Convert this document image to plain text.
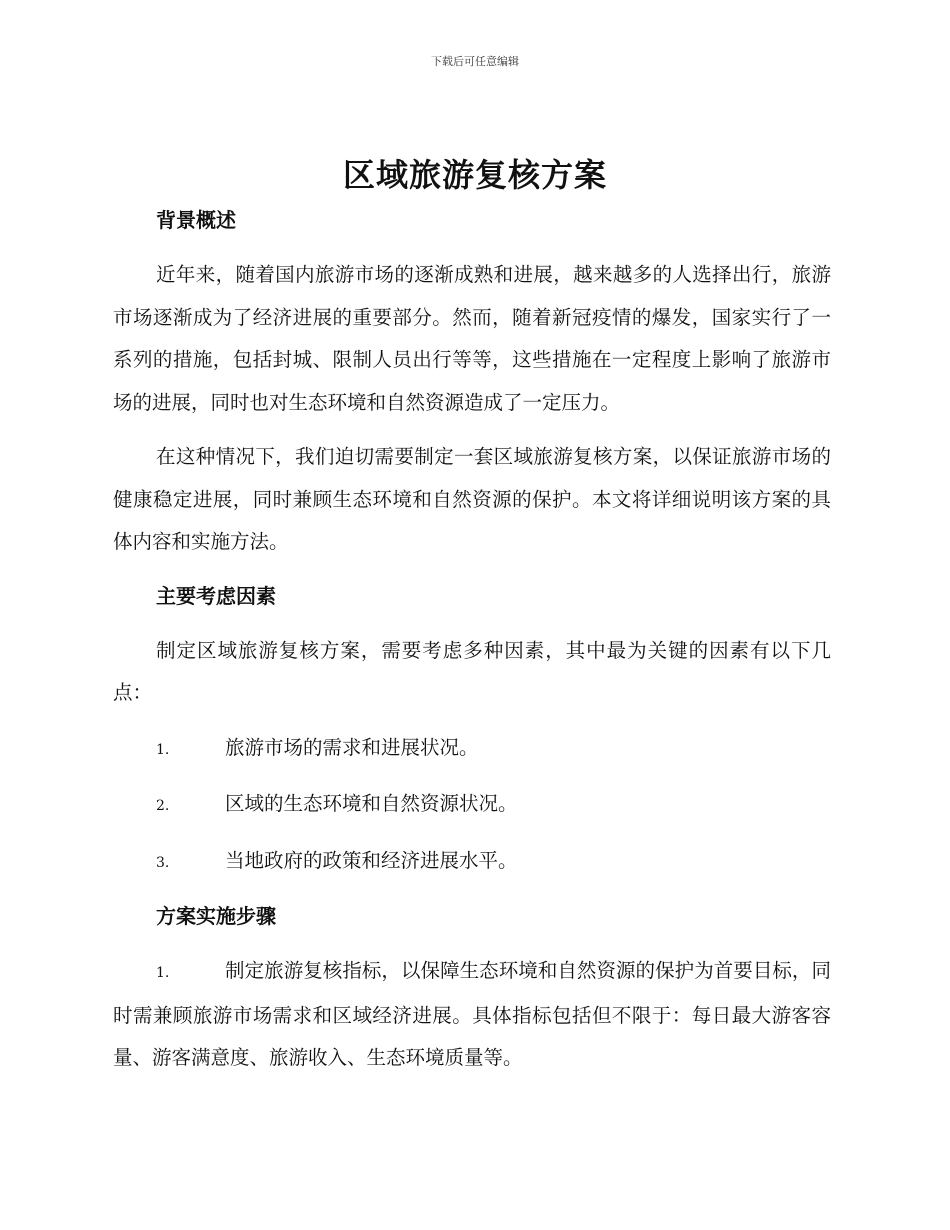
下载后可任意编辑
区域旅游复核方案
背景概述

近年来，随着国内旅游市场的逐渐成熟和进展，越来越多的人选择出行，旅游市场逐渐成为了经济进展的重要部分。然而，随着新冠疫情的爆发，国家实行了一系列的措施，包括封城、限制人员出行等等，这些措施在一定程度上影响了旅游市场的进展，同时也对生态环境和自然资源造成了一定压力。

在这种情况下，我们迫切需要制定一套区域旅游复核方案，以保证旅游市场的健康稳定进展，同时兼顾生态环境和自然资源的保护。本文将详细说明该方案的具体内容和实施方法。

主要考虑因素

制定区域旅游复核方案，需要考虑多种因素，其中最为关键的因素有以下几点：

1.	旅游市场的需求和进展状况。
2.	区域的生态环境和自然资源状况。
3.	当地政府的政策和经济进展水平。
方案实施步骤

1.	制定旅游复核指标，以保障生态环境和自然资源的保护为首要目标，同时需兼顾旅游市场需求和区域经济进展。具体指标包括但不限于：每日最大游客容量、游客满意度、旅游收入、生态环境质量等。
